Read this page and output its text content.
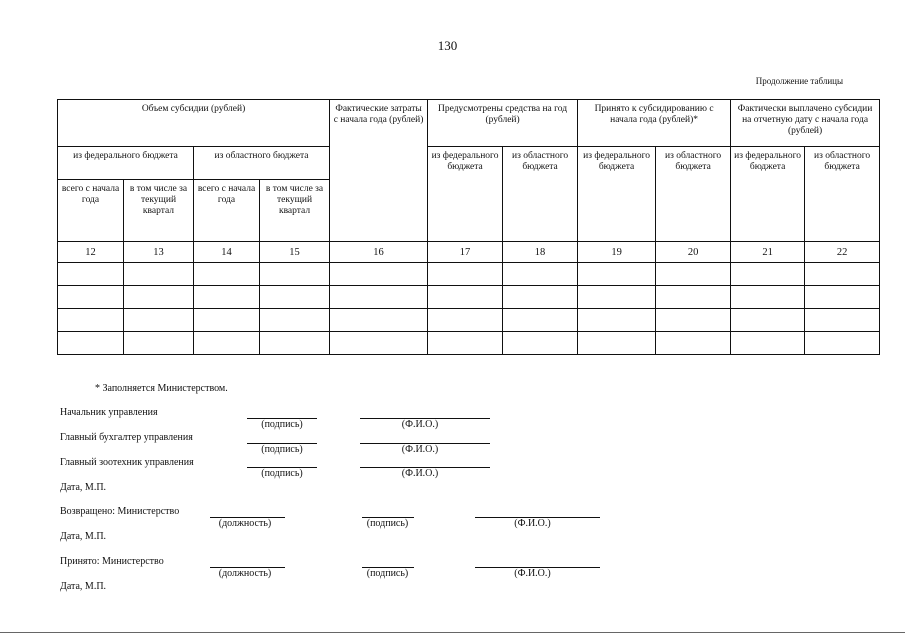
130
Продолжение таблицы
Объем субсидии (рублей)				Фактические затраты с начала года (рублей)	Предусмотрены средства на год (рублей)		Принято к субсидированию с начала года (рублей)*		Фактически выплачено субсидии на отчетную дату с начала года (рублей)	
из федерального бюджета		из областного бюджета			из федерального бюджета	из областного бюджета	из федерального бюджета	из областного бюджета	из федерального бюджета	из областного бюджета
всего с начала года	в том числе за текущий квартал	всего с начала года	в том числе за текущий квартал							
12	13	14	15	16	17	18	19	20	21	22

* Заполняется Министерством.
Начальник управления
(подпись)	(Ф.И.О.)
Главный бухгалтер управления
(подпись)	(Ф.И.О.)
Главный зоотехник управления
(подпись)	(Ф.И.О.)
Дата, М.П.
Возвращено: Министерство
(должность)	(подпись)	(Ф.И.О.)
Дата, М.П.
Принято: Министерство
(должность)	(подпись)	(Ф.И.О.)
Дата, М.П.
